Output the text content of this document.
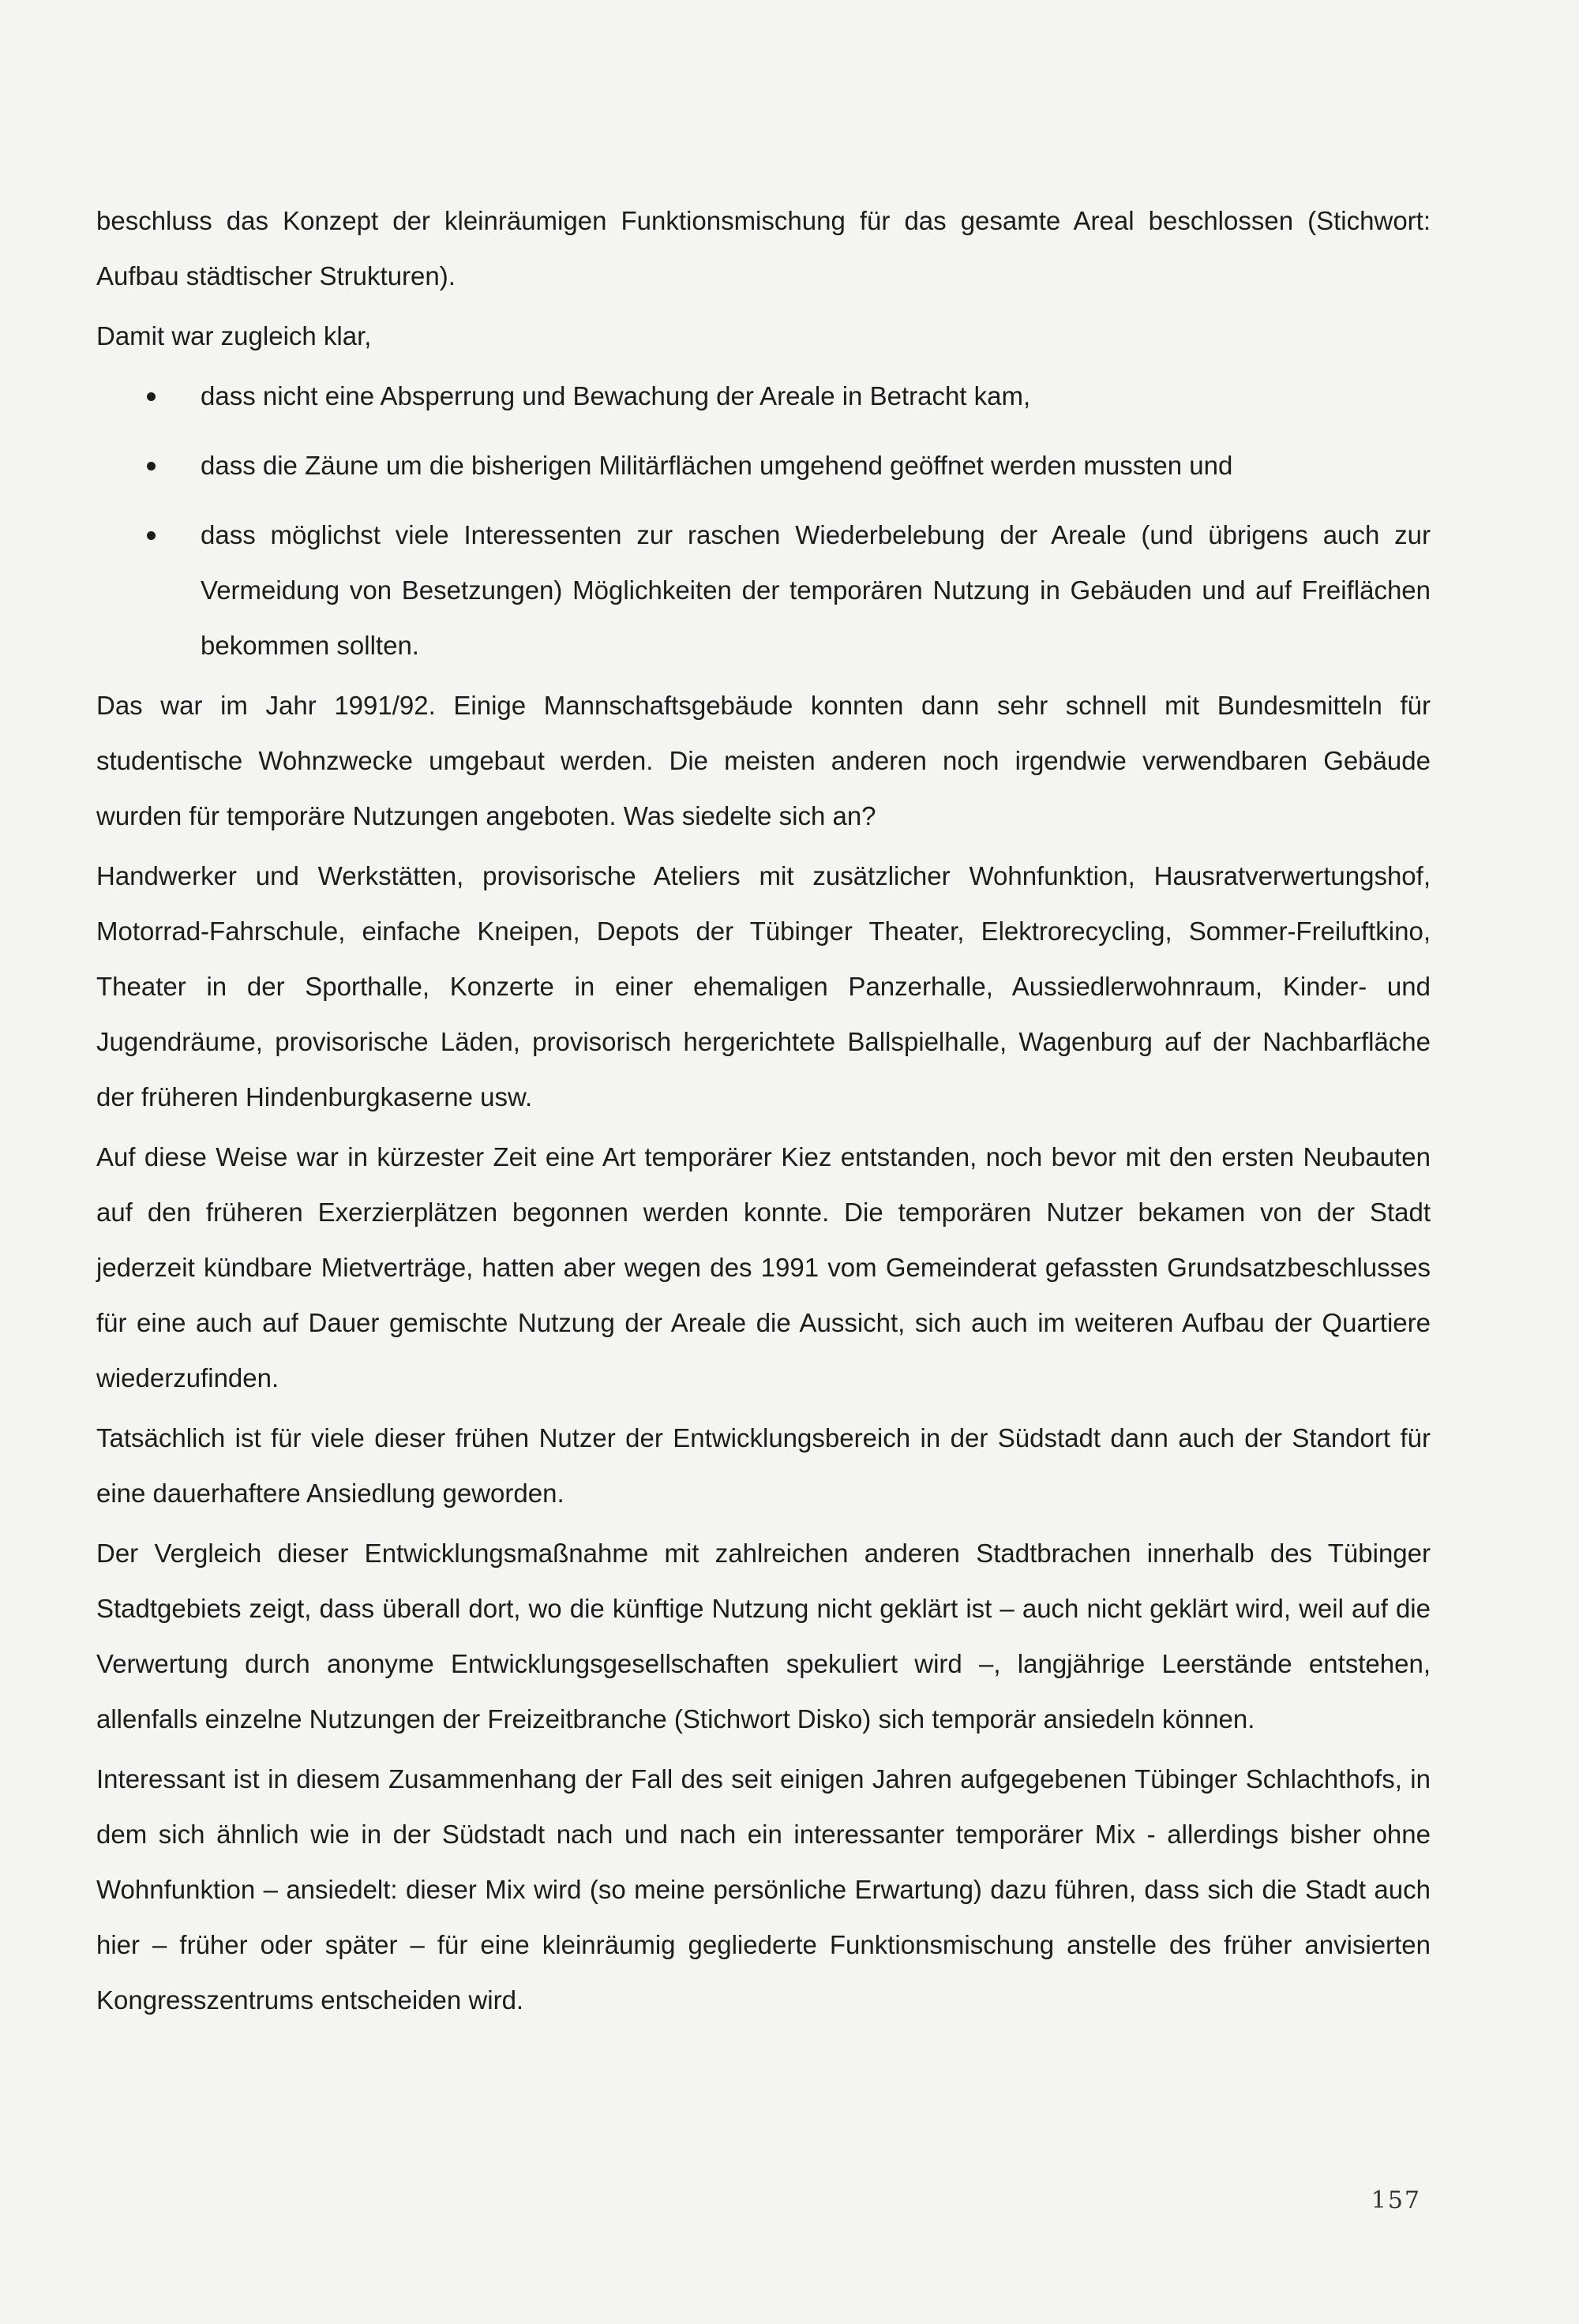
beschluss das Konzept der kleinräumigen Funktionsmischung für das gesamte Areal beschlossen (Stichwort: Aufbau städtischer Strukturen).

Damit war zugleich klar,

dass nicht eine Absperrung und Bewachung der Areale in Betracht kam,
dass die Zäune um die bisherigen Militärflächen umgehend geöffnet werden mussten und
dass möglichst viele Interessenten zur raschen Wiederbelebung der Areale (und übrigens auch zur Vermeidung von Besetzungen) Möglichkeiten der temporären Nutzung in Gebäuden und auf Freiflächen bekommen sollten.

Das war im Jahr 1991/92. Einige Mannschaftsgebäude konnten dann sehr schnell mit Bundesmitteln für studentische Wohnzwecke umgebaut werden. Die meisten anderen noch irgendwie verwendbaren Gebäude wurden für temporäre Nutzungen angeboten. Was siedelte sich an?

Handwerker und Werkstätten, provisorische Ateliers mit zusätzlicher Wohnfunktion, Hausratverwertungshof, Motorrad-Fahrschule, einfache Kneipen, Depots der Tübinger Theater, Elektrorecycling, Sommer-Freiluftkino, Theater in der Sporthalle, Konzerte in einer ehemaligen Panzerhalle, Aussiedlerwohnraum, Kinder- und Jugendräume, provisorische Läden, provisorisch hergerichtete Ballspielhalle, Wagenburg auf der Nachbarfläche der früheren Hindenburgkaserne usw.

Auf diese Weise war in kürzester Zeit eine Art temporärer Kiez entstanden, noch bevor mit den ersten Neubauten auf den früheren Exerzierplätzen begonnen werden konnte. Die temporären Nutzer bekamen von der Stadt jederzeit kündbare Mietverträge, hatten aber wegen des 1991 vom Gemeinderat gefassten Grundsatzbeschlusses für eine auch auf Dauer gemischte Nutzung der Areale die Aussicht, sich auch im weiteren Aufbau der Quartiere wiederzufinden.

Tatsächlich ist für viele dieser frühen Nutzer der Entwicklungsbereich in der Südstadt dann auch der Standort für eine dauerhaftere Ansiedlung geworden.

Der Vergleich dieser Entwicklungsmaßnahme mit zahlreichen anderen Stadtbrachen innerhalb des Tübinger Stadtgebiets zeigt, dass überall dort, wo die künftige Nutzung nicht geklärt ist – auch nicht geklärt wird, weil auf die Verwertung durch anonyme Entwicklungsgesellschaften spekuliert wird –, langjährige Leerstände entstehen, allenfalls einzelne Nutzungen der Freizeitbranche (Stichwort Disko) sich temporär ansiedeln können.

Interessant ist in diesem Zusammenhang der Fall des seit einigen Jahren aufgegebenen Tübinger Schlachthofs, in dem sich ähnlich wie in der Südstadt nach und nach ein interessanter temporärer Mix - allerdings bisher ohne Wohnfunktion – ansiedelt: dieser Mix wird (so meine persönliche Erwartung) dazu führen, dass sich die Stadt auch hier – früher oder später – für eine kleinräumig gegliederte Funktionsmischung anstelle des früher anvisierten Kongresszentrums entscheiden wird.

157
